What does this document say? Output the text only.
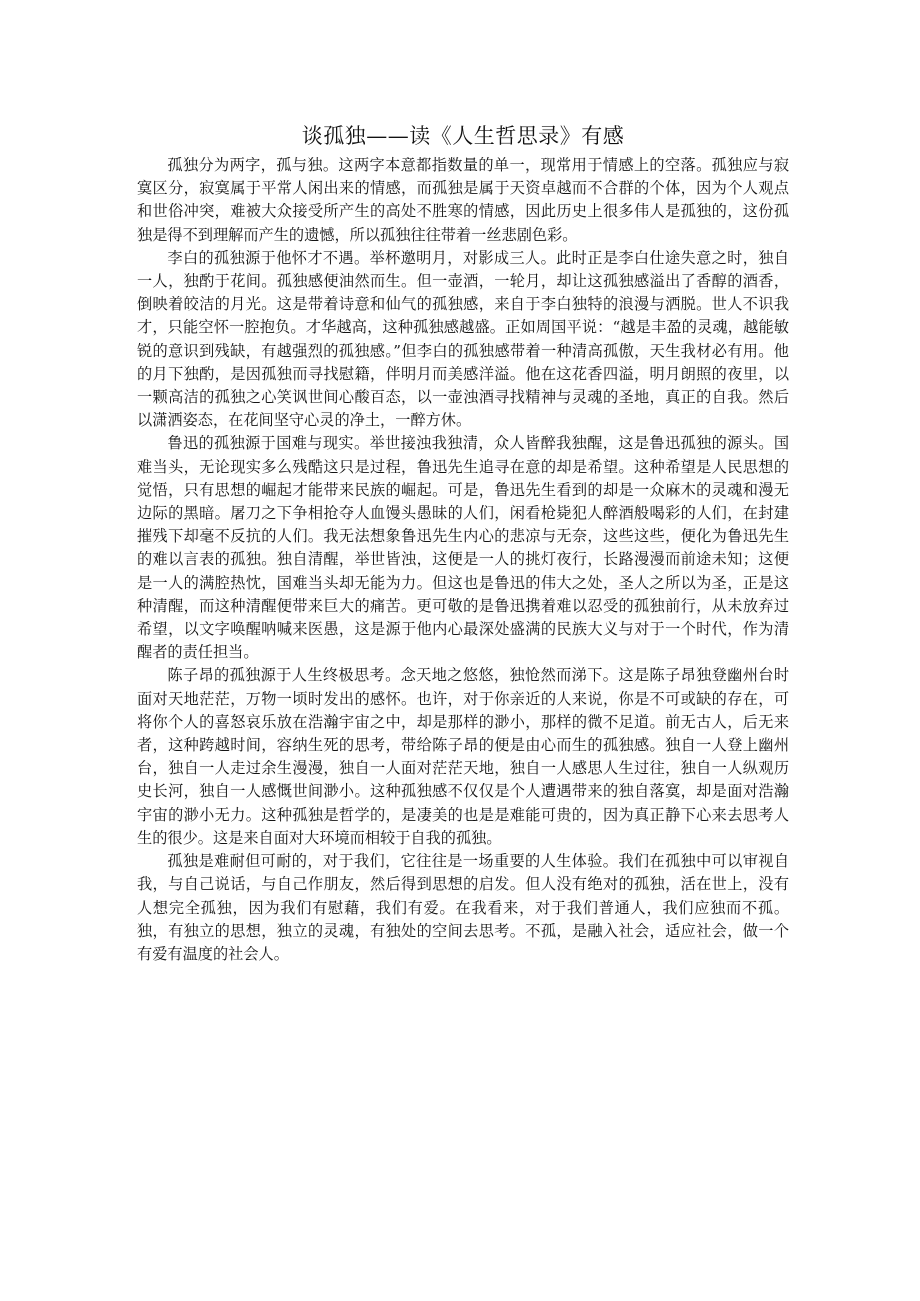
谈孤独——读《人生哲思录》有感

孤独分为两字，孤与独。这两字本意都指数量的单一，现常用于情感上的空落。孤独应与寂寞区分，寂寞属于平常人闲出来的情感，而孤独是属于天资卓越而不合群的个体，因为个人观点和世俗冲突，难被大众接受所产生的高处不胜寒的情感，因此历史上很多伟人是孤独的，这份孤独是得不到理解而产生的遗憾，所以孤独往往带着一丝悲剧色彩。

李白的孤独源于他怀才不遇。举杯邀明月，对影成三人。此时正是李白仕途失意之时，独自一人，独酌于花间。孤独感便油然而生。但一壶酒，一轮月，却让这孤独感溢出了香醇的酒香，倒映着皎洁的月光。这是带着诗意和仙气的孤独感，来自于李白独特的浪漫与洒脱。世人不识我才，只能空怀一腔抱负。才华越高，这种孤独感越盛。正如周国平说：“越是丰盈的灵魂，越能敏锐的意识到残缺，有越强烈的孤独感。”但李白的孤独感带着一种清高孤傲，天生我材必有用。他的月下独酌，是因孤独而寻找慰籍，伴明月而美感洋溢。他在这花香四溢，明月朗照的夜里，以一颗高洁的孤独之心笑讽世间心酸百态，以一壶浊酒寻找精神与灵魂的圣地，真正的自我。然后以潇洒姿态，在花间坚守心灵的净土，一醉方休。

鲁迅的孤独源于国难与现实。举世接浊我独清，众人皆醉我独醒，这是鲁迅孤独的源头。国难当头，无论现实多么残酷这只是过程，鲁迅先生追寻在意的却是希望。这种希望是人民思想的觉悟，只有思想的崛起才能带来民族的崛起。可是，鲁迅先生看到的却是一众麻木的灵魂和漫无边际的黑暗。屠刀之下争相抢夺人血馒头愚昧的人们，闲看枪毙犯人醉酒般喝彩的人们，在封建摧残下却毫不反抗的人们。我无法想象鲁迅先生内心的悲凉与无奈，这些这些，便化为鲁迅先生的难以言表的孤独。独自清醒，举世皆浊，这便是一人的挑灯夜行，长路漫漫而前途未知；这便是一人的满腔热忱，国难当头却无能为力。但这也是鲁迅的伟大之处，圣人之所以为圣，正是这种清醒，而这种清醒便带来巨大的痛苦。更可敬的是鲁迅携着难以忍受的孤独前行，从未放弃过希望，以文字唤醒呐喊来医愚，这是源于他内心最深处盛满的民族大义与对于一个时代，作为清醒者的责任担当。

陈子昂的孤独源于人生终极思考。念天地之悠悠，独怆然而涕下。这是陈子昂独登幽州台时面对天地茫茫，万物一顷时发出的感怀。也许，对于你亲近的人来说，你是不可或缺的存在，可将你个人的喜怒哀乐放在浩瀚宇宙之中，却是那样的渺小，那样的微不足道。前无古人，后无来者，这种跨越时间，容纳生死的思考，带给陈子昂的便是由心而生的孤独感。独自一人登上幽州台，独自一人走过余生漫漫，独自一人面对茫茫天地，独自一人感思人生过往，独自一人纵观历史长河，独自一人感慨世间渺小。这种孤独感不仅仅是个人遭遇带来的独自落寞，却是面对浩瀚宇宙的渺小无力。这种孤独是哲学的，是凄美的也是是难能可贵的，因为真正静下心来去思考人生的很少。这是来自面对大环境而相较于自我的孤独。

孤独是难耐但可耐的，对于我们，它往往是一场重要的人生体验。我们在孤独中可以审视自我，与自己说话，与自己作朋友，然后得到思想的启发。但人没有绝对的孤独，活在世上，没有人想完全孤独，因为我们有慰藉，我们有爱。在我看来，对于我们普通人，我们应独而不孤。独，有独立的思想，独立的灵魂，有独处的空间去思考。不孤，是融入社会，适应社会，做一个有爱有温度的社会人。
